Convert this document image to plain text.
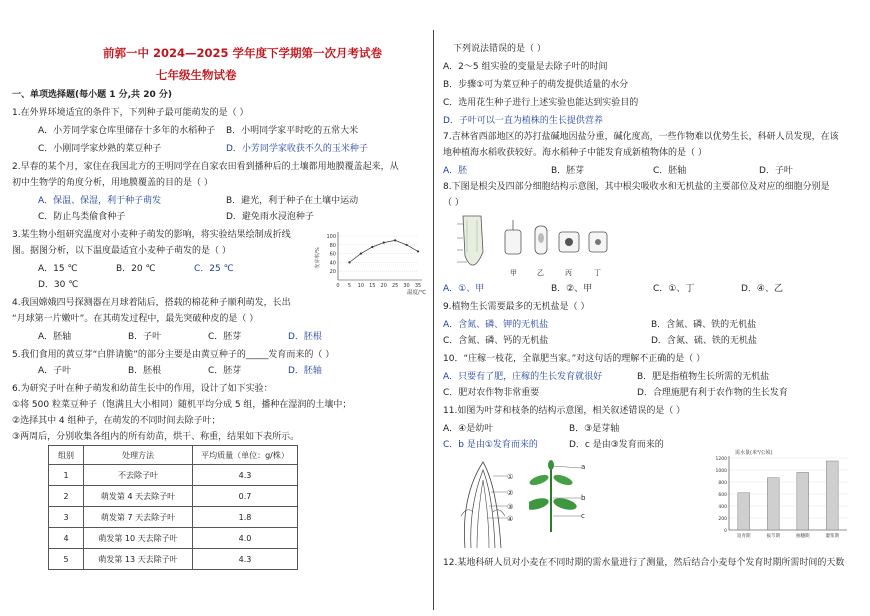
前郭一中 2024—2025 学年度下学期第一次月考试卷
七年级生物试卷
一、单项选择题(每小题 1 分,共 20 分)
1.在外界环境适宜的条件下，下列种子最可能萌发的是（ ）
A．小芳同学家仓库里储存十多年的水稻种子 B．小明同学家平时吃的五常大米
C．小刚同学家炒熟的菜豆种子	D．小芳同学家收获不久的玉米种子
2.早春的某个月，家住在我国北方的王明同学在自家农田看到播种后的土壤都用地膜覆盖起来，从
初中生物学的角度分析，用地膜覆盖的目的是（ ）
A．保温、保湿，利于种子萌发	B．避光，利于种子在土壤中运动
C．防止鸟类偷食种子	D．避免雨水浸泡种子
3.某生物小组研究温度对小麦种子萌发的影响，将实验结果绘制成折线
图。据图分析，以下温度最适宜小麦种子萌发的是（ ）
A．15 ℃	B．20 ℃	C．25 ℃
D．30 ℃
100
80
60
40
20
0 5 10 15 20 25 30 35
发芽率/%
温度/℃
4.我国嫦娥四号探测器在月球着陆后，搭载的棉花种子顺利萌发，长出
“月球第一片嫩叶”。在其萌发过程中，最先突破种皮的是（ ）
A．胚轴	B．子叶	C．胚芽	D．胚根
5.我们食用的黄豆芽“白胖请脆”的部分主要是由黄豆种子的_____发育而来的（ ）
A．子叶	B．胚根	C．胚芽	D．胚轴
6.为研究子叶在种子萌发和幼苗生长中的作用，设计了如下实验：
①将 500 粒菜豆种子（饱满且大小相同）随机平均分成 5 组，播种在湿润的土壤中；
②选择其中 4 组种子，在萌发的不同时间去除子叶；
③两周后，分别收集各组内的所有幼苗，烘干、称重，结果如下表所示。
组别	处理方法	平均质量（单位：g/株）
1	不去除子叶	4.3
2	萌发第 4 天去除子叶	0.7
3	萌发第 7 天去除子叶	1.8
4	萌发第 10 天去除子叶	4.0
5	萌发第 13 天去除子叶	4.3
下列说法错误的是（ ）
A．2～5 组实验的变量是去除子叶的时间
B．步骤①可为菜豆种子的萌发提供适量的水分
C．选用花生种子进行上述实验也能达到实验目的
D．子叶可以一直为植株的生长提供营养
7.吉林省西部地区的苏打盐碱地因盐分重，碱化度高，一些作物难以优势生长，科研人员发现，在该
地种植海水稻收获较好。海水稻种子中能发育成新植物体的是（ ）
A．胚	B．胚芽	C．胚轴	D．子叶
8.下图是根尖及四部分细胞结构示意图，其中根尖吸收水和无机盐的主要部位及对应的细胞分别是
（ ）
甲	乙	丙	丁
A．①、甲	B．②、甲	C．①、丁	D．④、乙
9.植物生长需要最多的无机盐是（ ）
A．含氮、磷、钾的无机盐	B．含氮、磷、铁的无机盐
C．含氮、磷、钙的无机盐	D．含氮、硫、铁的无机盐
10．“庄稼一枝花，全靠肥当家。”对这句话的理解不正确的是（ ）
A．只要有了肥，庄稼的生长发育就很好	B．肥是指植物生长所需的无机盐
C．肥对农作物非常重要	D．合理施肥有利于农作物的生长发育
11.如图为叶芽和枝条的结构示意图，相关叙述错误的是（ ）
A．④是幼叶	B．③是芽轴
C．b 是由①发育而来的	D．c 是由③发育而来的
①
②
③
④
a
b
c
需水量(米³/公顷)
1200
1000
800
600
400
200
0
返青期	拔节期	抽穗期	灌浆期
12.某地科研人员对小麦在不同时期的需水量进行了测量，然后结合小麦每个发育时期所需时间的天数
